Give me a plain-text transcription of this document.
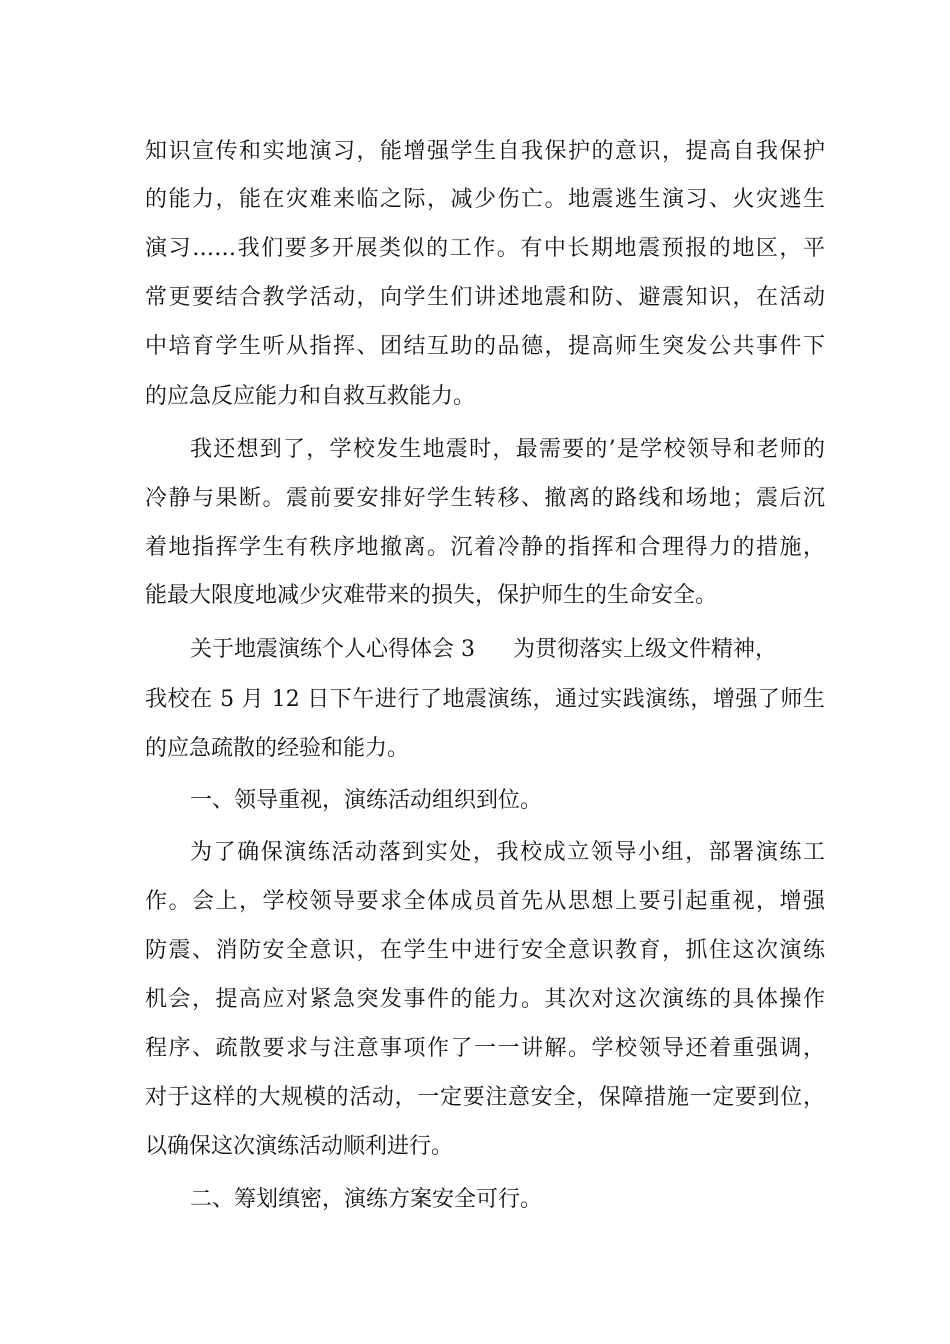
知识宣传和实地演习，能增强学生自我保护的意识，提高自我保护
的能力，能在灾难来临之际，减少伤亡。地震逃生演习、火灾逃生
演习……我们要多开展类似的工作。有中长期地震预报的地区，平
常更要结合教学活动，向学生们讲述地震和防、避震知识，在活动
中培育学生听从指挥、团结互助的品德，提高师生突发公共事件下
的应急反应能力和自救互救能力。
我还想到了，学校发生地震时，最需要的’是学校领导和老师的
冷静与果断。震前要安排好学生转移、撤离的路线和场地；震后沉
着地指挥学生有秩序地撤离。沉着冷静的指挥和合理得力的措施，
能最大限度地减少灾难带来的损失，保护师生的生命安全。
关于地震演练个人心得体会 3 为贯彻落实上级文件精神，
我校在 5 月 12 日下午进行了地震演练，通过实践演练，增强了师生
的应急疏散的经验和能力。
一、领导重视，演练活动组织到位。
为了确保演练活动落到实处，我校成立领导小组，部署演练工
作。会上，学校领导要求全体成员首先从思想上要引起重视，增强
防震、消防安全意识，在学生中进行安全意识教育，抓住这次演练
机会，提高应对紧急突发事件的能力。其次对这次演练的具体操作
程序、疏散要求与注意事项作了一一讲解。学校领导还着重强调，
对于这样的大规模的活动，一定要注意安全，保障措施一定要到位，
以确保这次演练活动顺利进行。
二、筹划缜密，演练方案安全可行。
